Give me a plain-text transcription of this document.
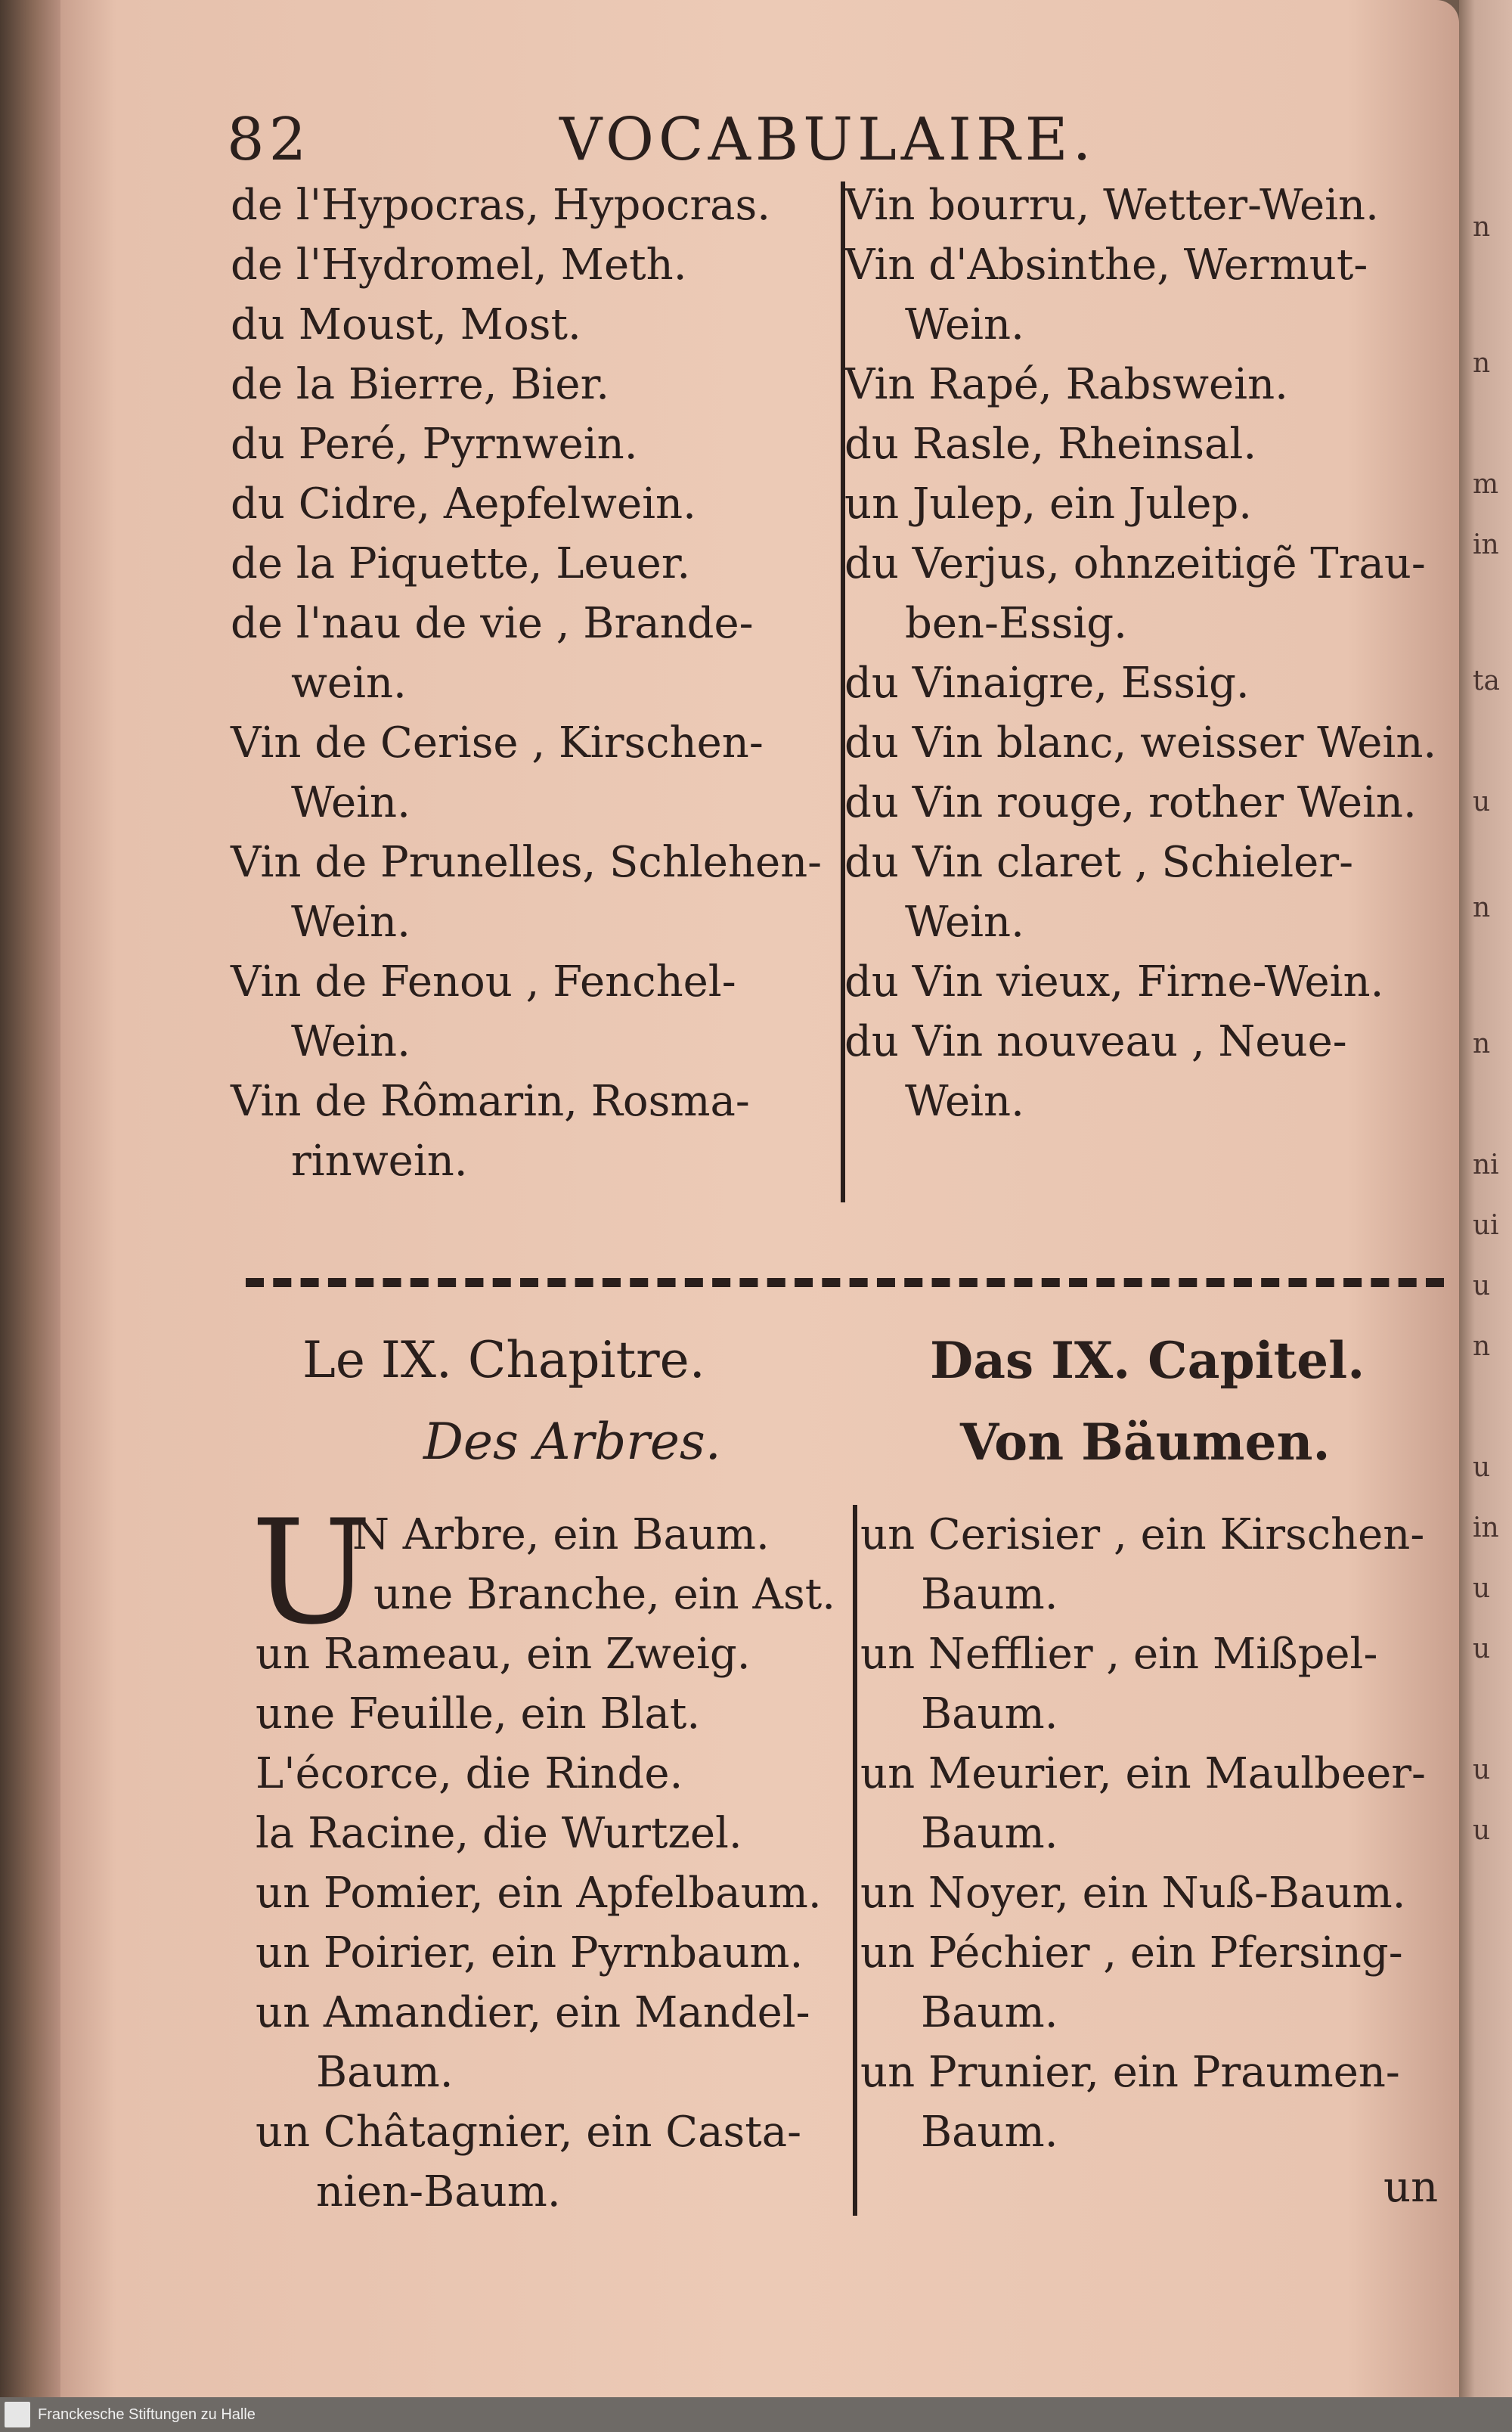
n
n
m
in
ta
u
n
n
ni
ui
u
n
u
in
u
u
u
u
82	VOCABULAIRE.
de l'Hypocras, Hypocras.
de l'Hydromel, Meth.
du Moust, Most.
de la Bierre, Bier.
du Peré, Pyrnwein.
du Cidre, Aepfelwein.
de la Piquette, Leuer.
de l'nau de vie , Brande-
wein.
Vin de Cerise , Kirschen-
Wein.
Vin de Prunelles, Schlehen-
Wein.
Vin de Fenou , Fenchel-
Wein.
Vin de Rômarin, Rosma-
rinwein.
Vin bourru, Wetter-Wein.
Vin d'Absinthe, Wermut-
Wein.
Vin Rapé, Rabswein.
du Rasle, Rheinsal.
un Julep, ein Julep.
du Verjus, ohnzeitigẽ Trau-
ben-Essig.
du Vinaigre, Essig.
du Vin blanc, weisser Wein.
du Vin rouge, rother Wein.
du Vin claret , Schieler-
Wein.
du Vin vieux, Firne-Wein.
du Vin nouveau , Neue-
Wein.
Le IX. Chapitre.
Des Arbres.
Das IX. Capitel.
Von Bäumen.
U
N Arbre, ein Baum.
une Branche, ein Ast.
un Rameau, ein Zweig.
une Feuille, ein Blat.
L'écorce, die Rinde.
la Racine, die Wurtzel.
un Pomier, ein Apfelbaum.
un Poirier, ein Pyrnbaum.
un Amandier, ein Mandel-
Baum.
un Châtagnier, ein Casta-
nien-Baum.
un Cerisier , ein Kirschen-
Baum.
un Nefflier , ein Mißpel-
Baum.
un Meurier, ein Maulbeer-
Baum.
un Noyer, ein Nuß-Baum.
un Péchier , ein Pfersing-
Baum.
un Prunier, ein Praumen-
Baum.
un
Franckesche Stiftungen zu Halle
